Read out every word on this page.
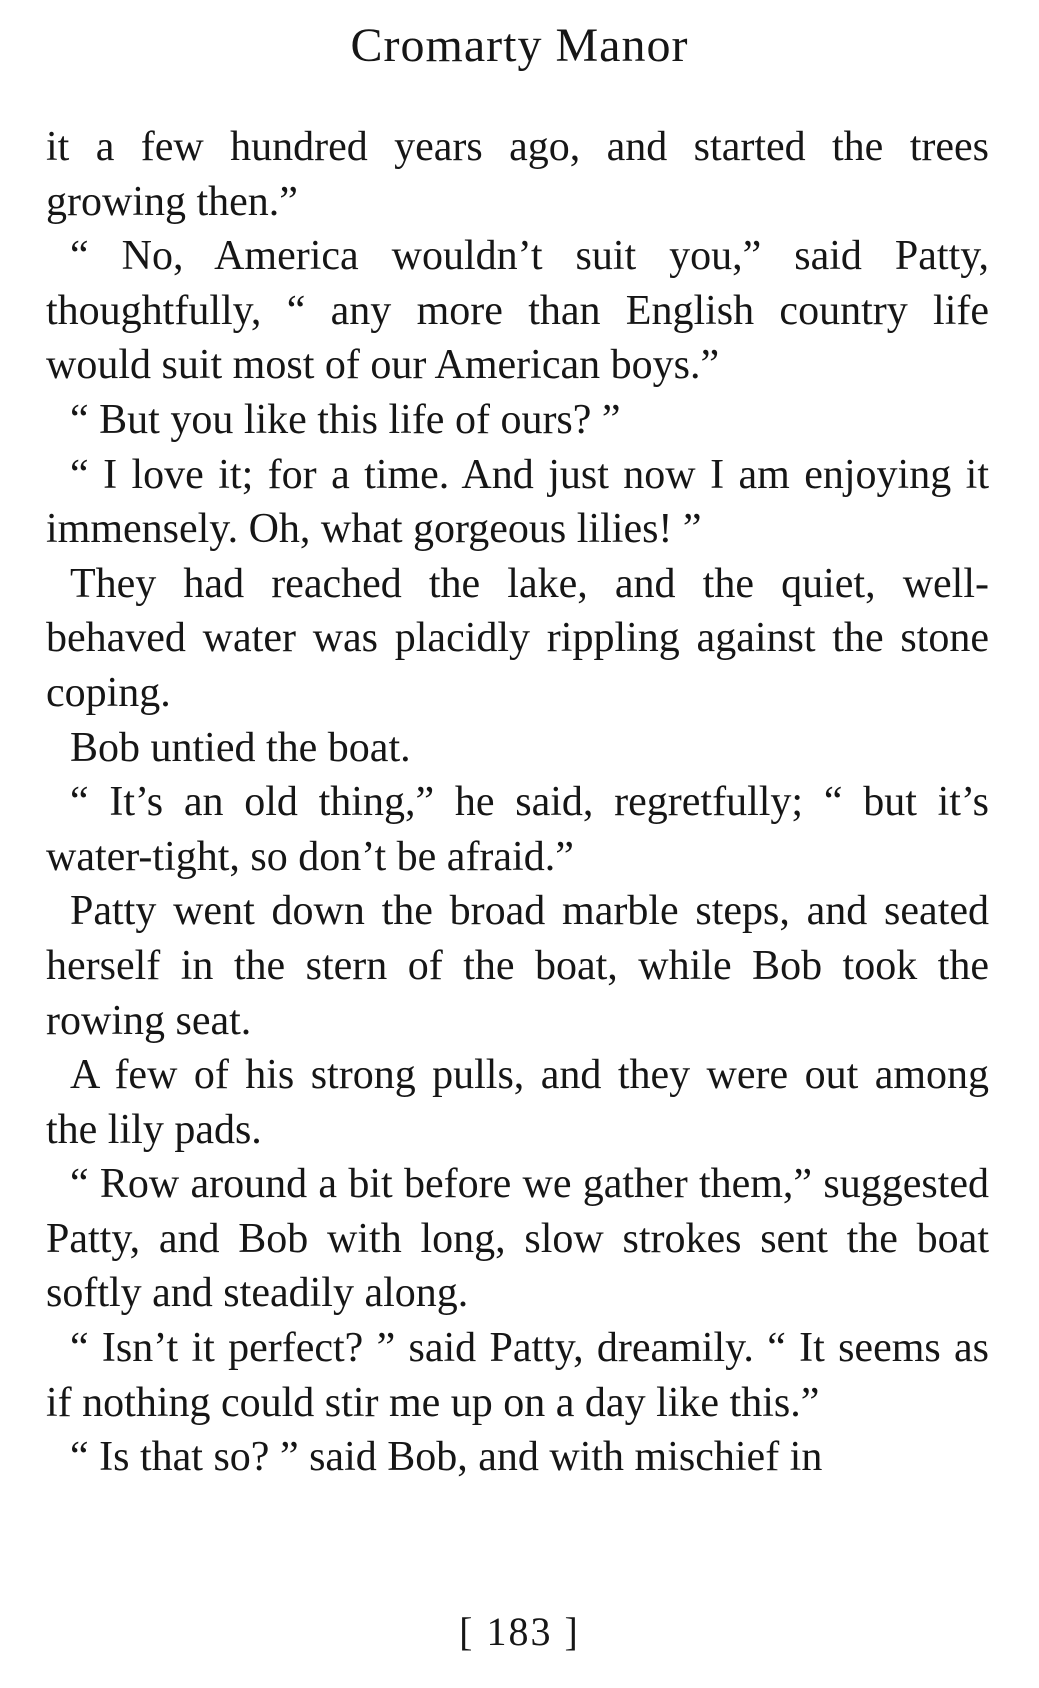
Cromarty Manor

it a few hundred years ago, and started the trees growing then.”

“ No, America wouldn’t suit you,” said Patty, thoughtfully, “ any more than English country life would suit most of our American boys.”

“ But you like this life of ours? ”

“ I love it; for a time. And just now I am enjoying it immensely. Oh, what gorgeous lilies! ”

They had reached the lake, and the quiet, well-behaved water was placidly rippling against the stone coping.

Bob untied the boat.

“ It’s an old thing,” he said, regretfully; “ but it’s water-tight, so don’t be afraid.”

Patty went down the broad marble steps, and seated herself in the stern of the boat, while Bob took the rowing seat.

A few of his strong pulls, and they were out among the lily pads.

“ Row around a bit before we gather them,” suggested Patty, and Bob with long, slow strokes sent the boat softly and steadily along.

“ Isn’t it perfect? ” said Patty, dreamily. “ It seems as if nothing could stir me up on a day like this.”

“ Is that so? ” said Bob, and with mischief in

[ 183 ]
